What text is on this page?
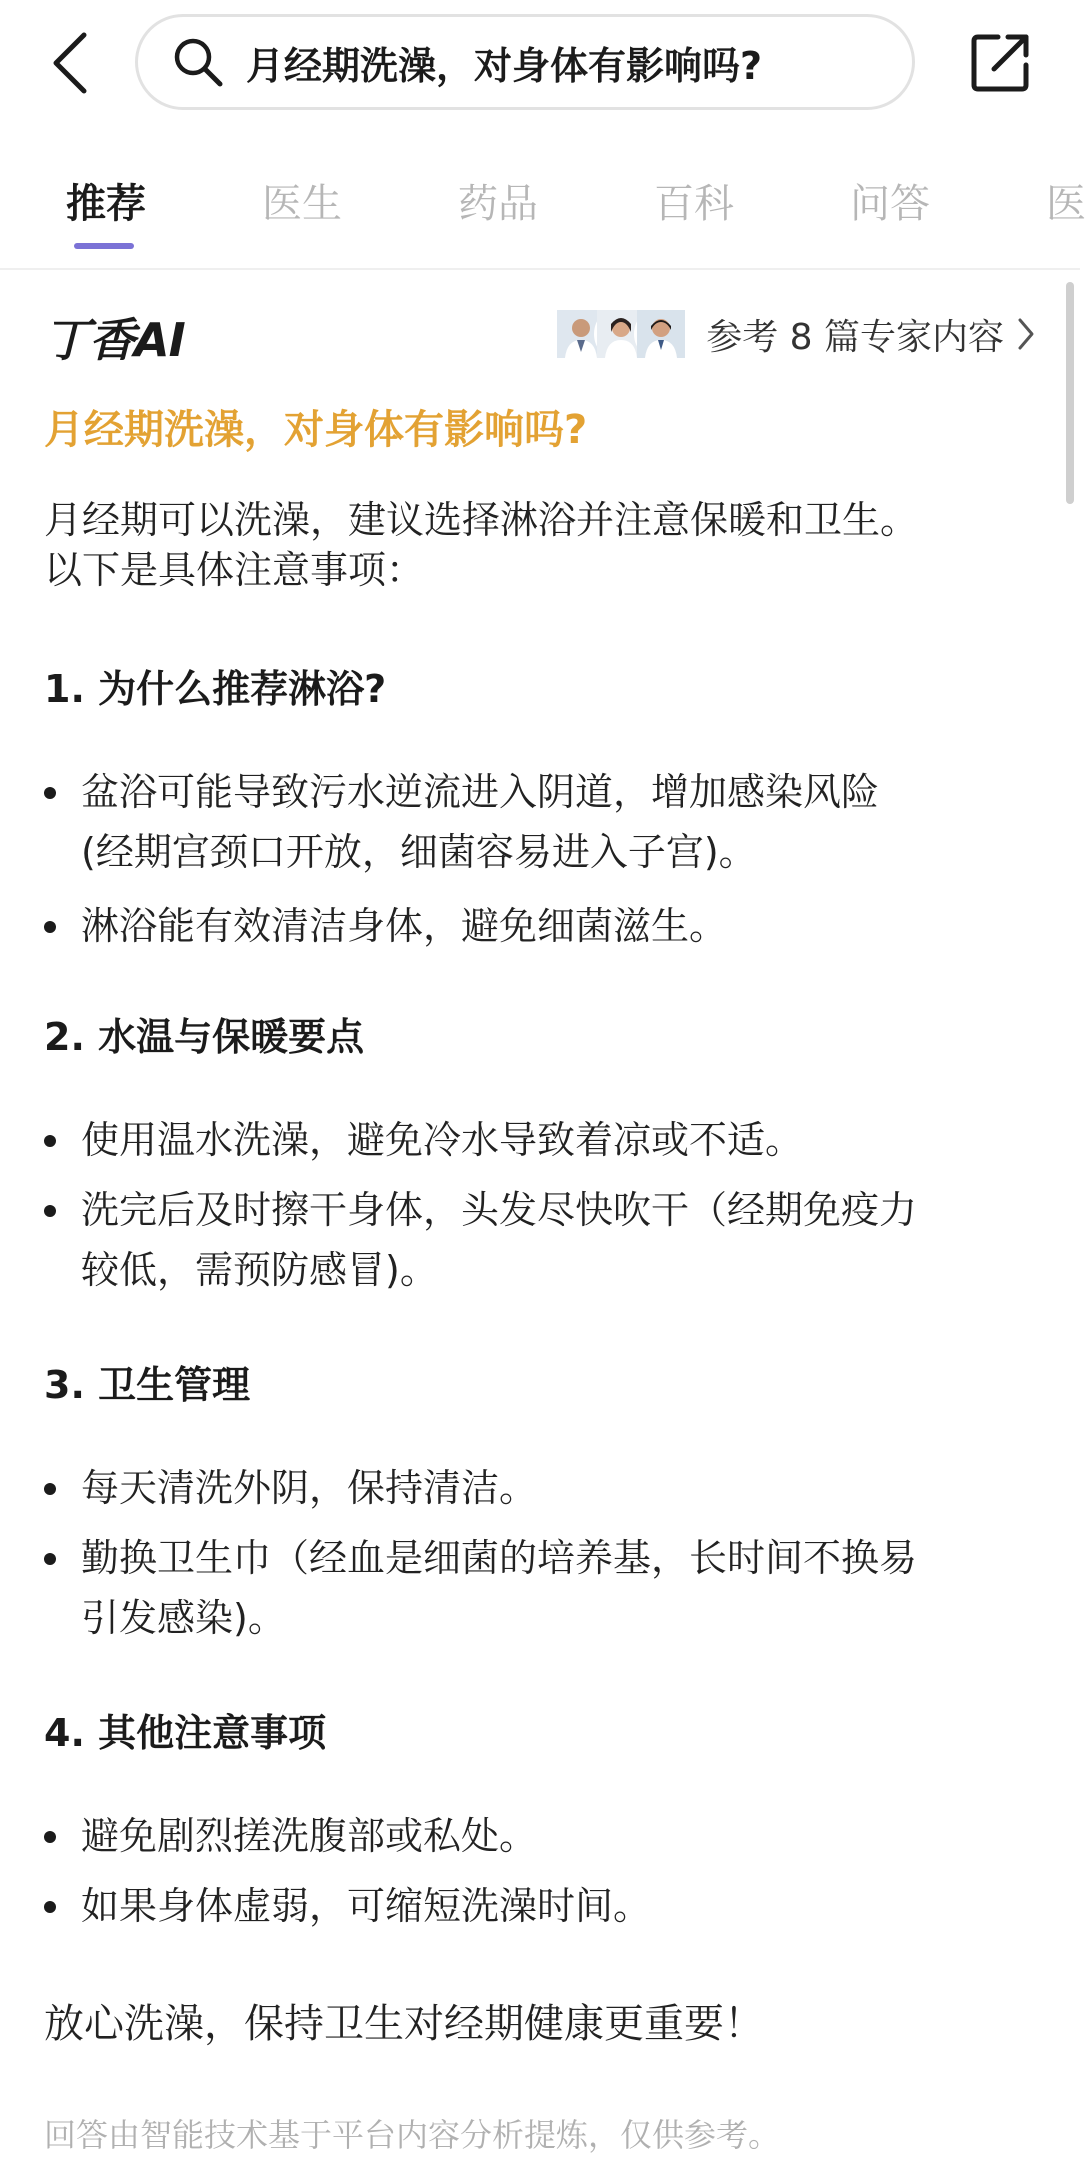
月经期洗澡，对身体有影响吗?
推荐	医生	药品	百科	问答	医
丁香AI	参考 8 篇专家内容
月经期洗澡，对身体有影响吗?
月经期可以洗澡，建议选择淋浴并注意保暖和卫生。
以下是具体注意事项：
1. 为什么推荐淋浴?
盆浴可能导致污水逆流进入阴道，增加感染风险
(经期宫颈口开放，细菌容易进入子宫)。
淋浴能有效清洁身体，避免细菌滋生。
2. 水温与保暖要点
使用温水洗澡，避免冷水导致着凉或不适。
洗完后及时擦干身体，头发尽快吹干（经期免疫力
较低，需预防感冒)。
3. 卫生管理
每天清洗外阴，保持清洁。
勤换卫生巾（经血是细菌的培养基，长时间不换易
引发感染)。
4. 其他注意事项
避免剧烈搓洗腹部或私处。
如果身体虚弱，可缩短洗澡时间。
放心洗澡，保持卫生对经期健康更重要！
回答由智能技术基于平台内容分析提炼，仅供参考。
